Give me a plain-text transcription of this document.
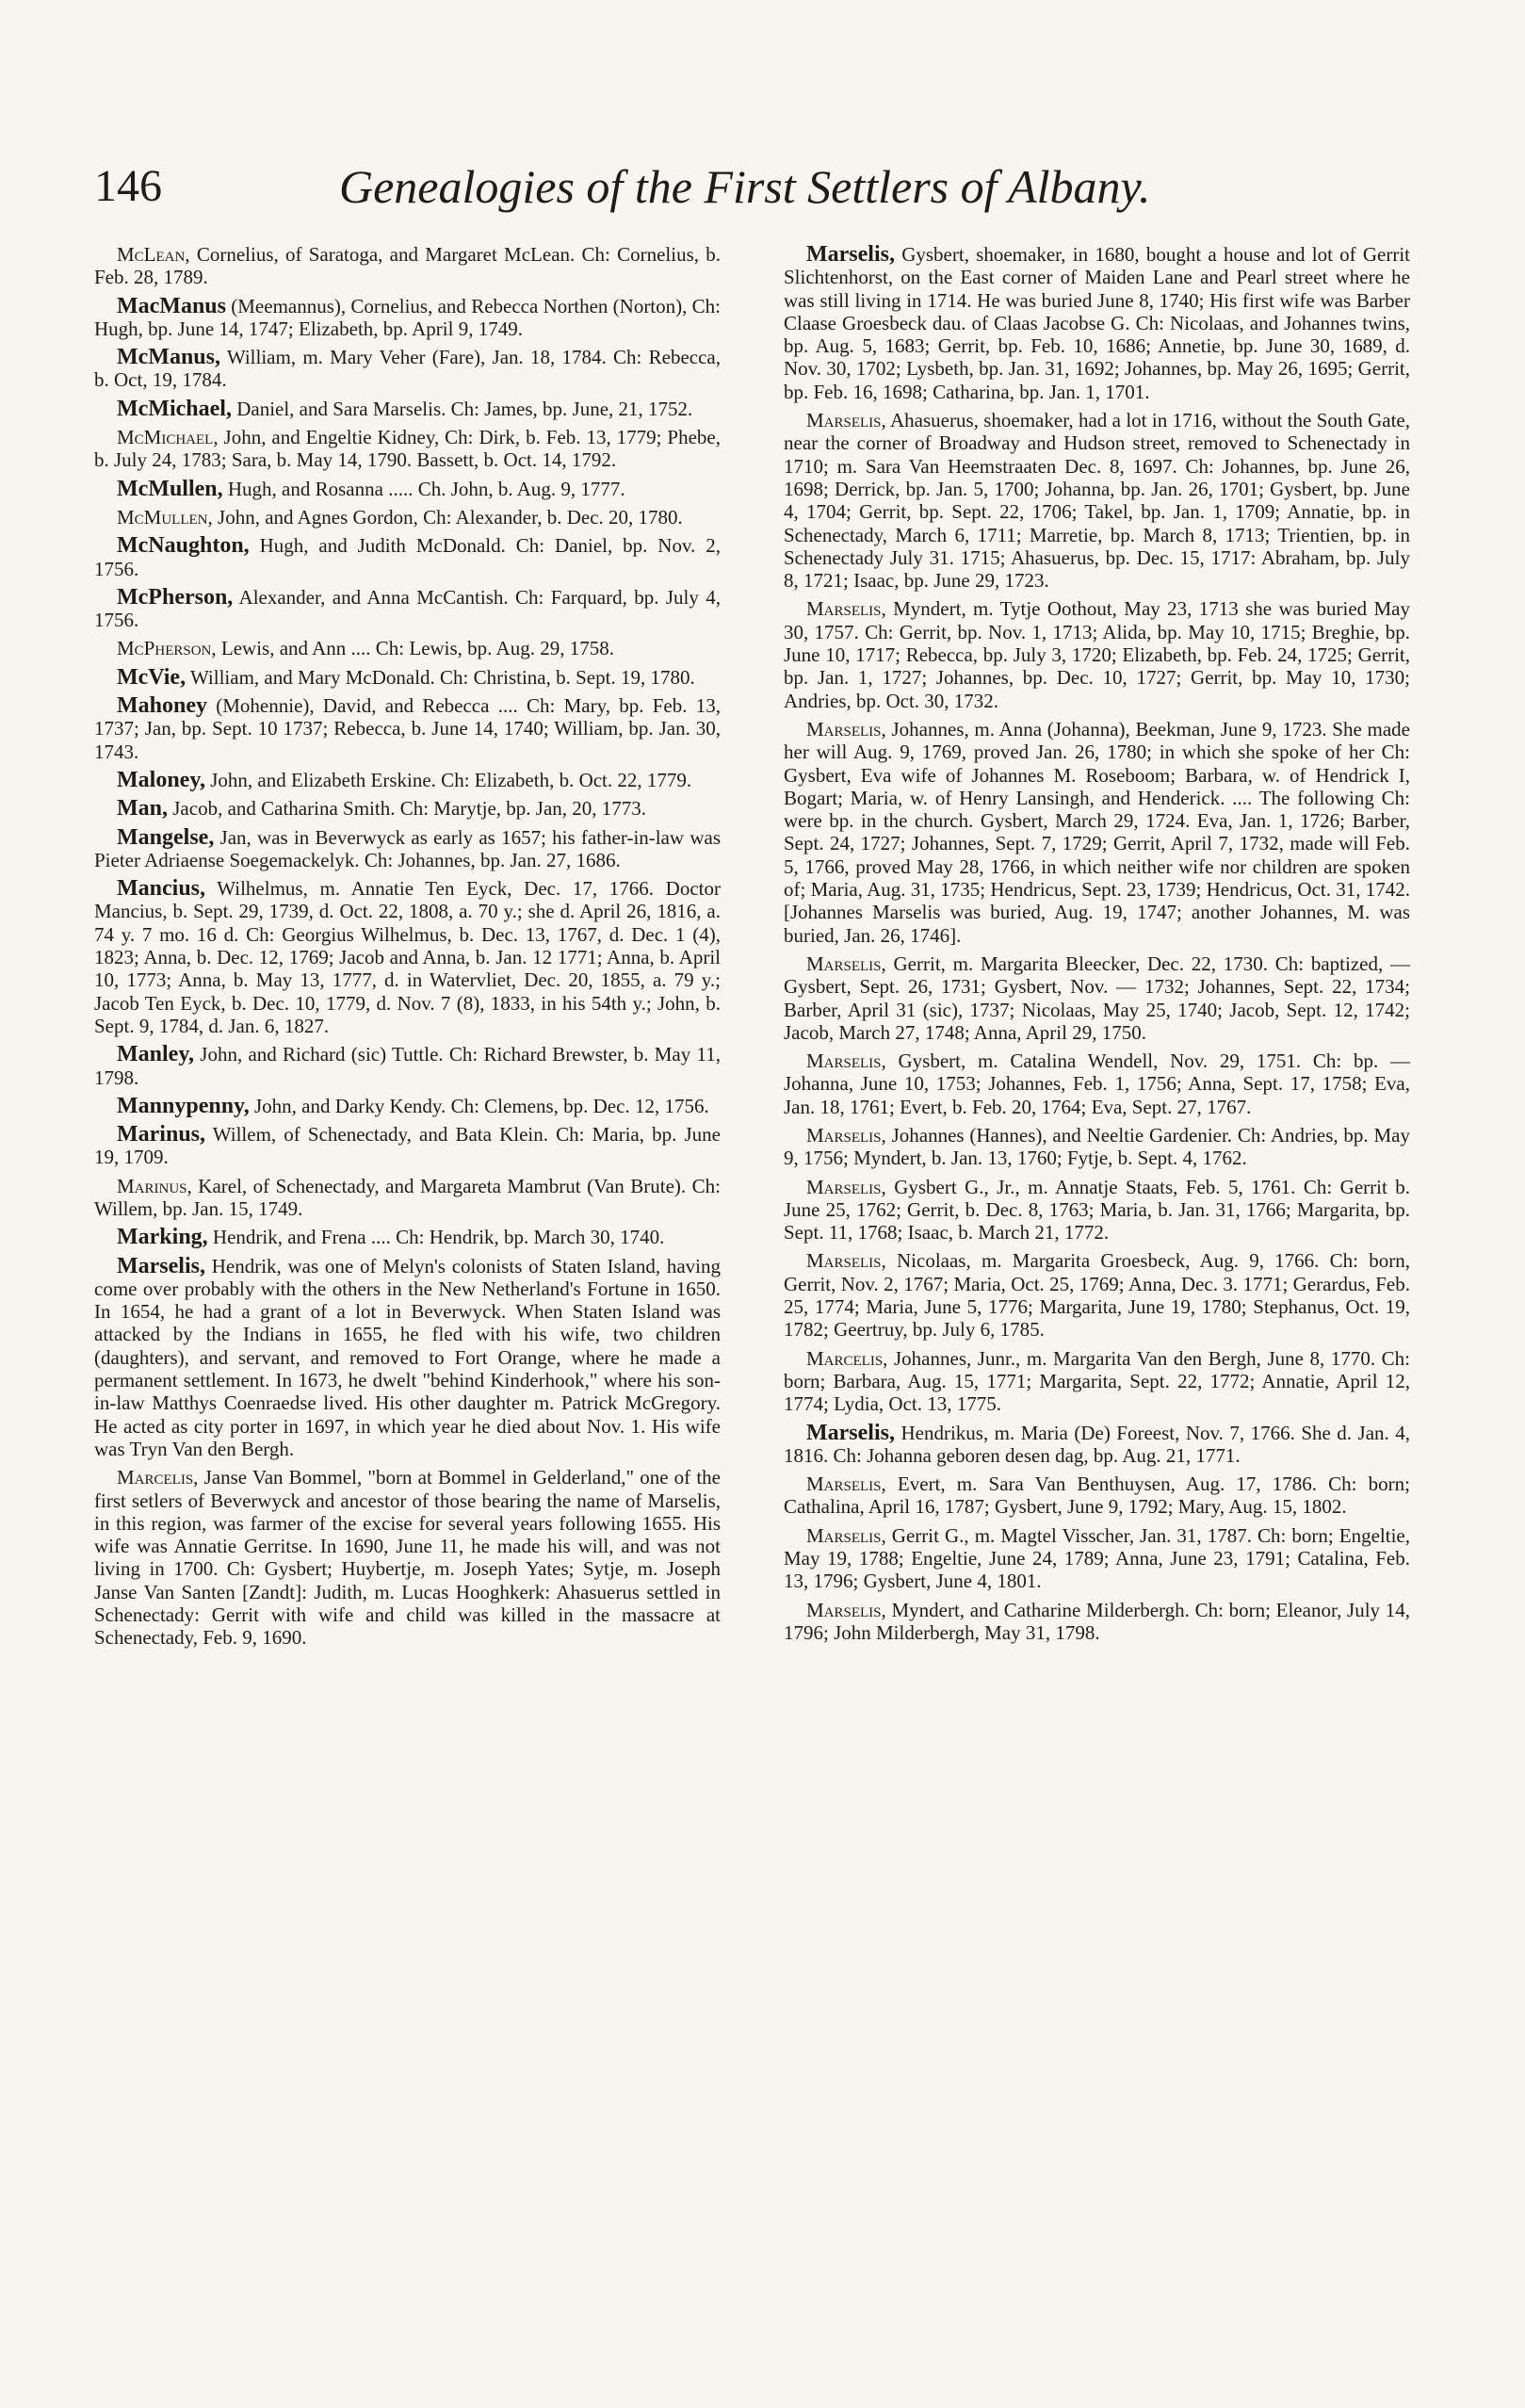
146	Genealogies of the First Settlers of Albany.

McLean, Cornelius, of Saratoga, and Margaret McLean. Ch: Cornelius, b. Feb. 28, 1789.

MacManus (Meemannus), Cornelius, and Rebecca Northen (Norton), Ch: Hugh, bp. June 14, 1747; Elizabeth, bp. April 9, 1749.

McManus, William, m. Mary Veher (Fare), Jan. 18, 1784. Ch: Rebecca, b. Oct, 19, 1784.

McMichael, Daniel, and Sara Marselis. Ch: James, bp. June, 21, 1752.

McMichael, John, and Engeltie Kidney, Ch: Dirk, b. Feb. 13, 1779; Phebe, b. July 24, 1783; Sara, b. May 14, 1790. Bassett, b. Oct. 14, 1792.

McMullen, Hugh, and Rosanna ..... Ch. John, b. Aug. 9, 1777.

McMullen, John, and Agnes Gordon, Ch: Alexander, b. Dec. 20, 1780.

McNaughton, Hugh, and Judith McDonald. Ch: Daniel, bp. Nov. 2, 1756.

McPherson, Alexander, and Anna McCantish. Ch: Farquard, bp. July 4, 1756.

McPherson, Lewis, and Ann .... Ch: Lewis, bp. Aug. 29, 1758.

McVie, William, and Mary McDonald. Ch: Christina, b. Sept. 19, 1780.

Mahoney (Mohennie), David, and Rebecca .... Ch: Mary, bp. Feb. 13, 1737; Jan, bp. Sept. 10 1737; Rebecca, b. June 14, 1740; William, bp. Jan. 30, 1743.

Maloney, John, and Elizabeth Erskine. Ch: Elizabeth, b. Oct. 22, 1779.

Man, Jacob, and Catharina Smith. Ch: Marytje, bp. Jan, 20, 1773.

Mangelse, Jan, was in Beverwyck as early as 1657; his father-in-law was Pieter Adriaense Soegemackelyk. Ch: Johannes, bp. Jan. 27, 1686.

Mancius, Wilhelmus, m. Annatie Ten Eyck, Dec. 17, 1766. Doctor Mancius, b. Sept. 29, 1739, d. Oct. 22, 1808, a. 70 y.; she d. April 26, 1816, a. 74 y. 7 mo. 16 d. Ch: Georgius Wilhelmus, b. Dec. 13, 1767, d. Dec. 1 (4), 1823; Anna, b. Dec. 12, 1769; Jacob and Anna, b. Jan. 12 1771; Anna, b. April 10, 1773; Anna, b. May 13, 1777, d. in Watervliet, Dec. 20, 1855, a. 79 y.; Jacob Ten Eyck, b. Dec. 10, 1779, d. Nov. 7 (8), 1833, in his 54th y.; John, b. Sept. 9, 1784, d. Jan. 6, 1827.

Manley, John, and Richard (sic) Tuttle. Ch: Richard Brewster, b. May 11, 1798.

Mannypenny, John, and Darky Kendy. Ch: Clemens, bp. Dec. 12, 1756.

Marinus, Willem, of Schenectady, and Bata Klein. Ch: Maria, bp. June 19, 1709.

Marinus, Karel, of Schenectady, and Margareta Mambrut (Van Brute). Ch: Willem, bp. Jan. 15, 1749.

Marking, Hendrik, and Frena .... Ch: Hendrik, bp. March 30, 1740.

Marselis, Hendrik, was one of Melyn's colonists of Staten Island, having come over probably with the others in the New Netherland's Fortune in 1650. In 1654, he had a grant of a lot in Beverwyck. When Staten Island was attacked by the Indians in 1655, he fled with his wife, two children (daughters), and servant, and removed to Fort Orange, where he made a permanent settlement. In 1673, he dwelt "behind Kinderhook," where his son-in-law Matthys Coenraedse lived. His other daughter m. Patrick McGregory. He acted as city porter in 1697, in which year he died about Nov. 1. His wife was Tryn Van den Bergh.

Marcelis, Janse Van Bommel, "born at Bommel in Gelderland," one of the first setlers of Beverwyck and ancestor of those bearing the name of Marselis, in this region, was farmer of the excise for several years following 1655. His wife was Annatie Gerritse. In 1690, June 11, he made his will, and was not living in 1700. Ch: Gysbert; Huybertje, m. Joseph Yates; Sytje, m. Joseph Janse Van Santen [Zandt]: Judith, m. Lucas Hooghkerk: Ahasuerus settled in Schenectady: Gerrit with wife and child was killed in the massacre at Schenectady, Feb. 9, 1690.

Marselis, Gysbert, shoemaker, in 1680, bought a house and lot of Gerrit Slichtenhorst, on the East corner of Maiden Lane and Pearl street where he was still living in 1714. He was buried June 8, 1740; His first wife was Barber Claase Groesbeck dau. of Claas Jacobse G. Ch: Nicolaas, and Johannes twins, bp. Aug. 5, 1683; Gerrit, bp. Feb. 10, 1686; Annetie, bp. June 30, 1689, d. Nov. 30, 1702; Lysbeth, bp. Jan. 31, 1692; Johannes, bp. May 26, 1695; Gerrit, bp. Feb. 16, 1698; Catharina, bp. Jan. 1, 1701.

Marselis, Ahasuerus, shoemaker, had a lot in 1716, without the South Gate, near the corner of Broadway and Hudson street, removed to Schenectady in 1710; m. Sara Van Heemstraaten Dec. 8, 1697. Ch: Johannes, bp. June 26, 1698; Derrick, bp. Jan. 5, 1700; Johanna, bp. Jan. 26, 1701; Gysbert, bp. June 4, 1704; Gerrit, bp. Sept. 22, 1706; Takel, bp. Jan. 1, 1709; Annatie, bp. in Schenectady, March 6, 1711; Marretie, bp. March 8, 1713; Trientien, bp. in Schenectady July 31. 1715; Ahasuerus, bp. Dec. 15, 1717: Abraham, bp. July 8, 1721; Isaac, bp. June 29, 1723.

Marselis, Myndert, m. Tytje Oothout, May 23, 1713 she was buried May 30, 1757. Ch: Gerrit, bp. Nov. 1, 1713; Alida, bp. May 10, 1715; Breghie, bp. June 10, 1717; Rebecca, bp. July 3, 1720; Elizabeth, bp. Feb. 24, 1725; Gerrit, bp. Jan. 1, 1727; Johannes, bp. Dec. 10, 1727; Gerrit, bp. May 10, 1730; Andries, bp. Oct. 30, 1732.

Marselis, Johannes, m. Anna (Johanna), Beekman, June 9, 1723. She made her will Aug. 9, 1769, proved Jan. 26, 1780; in which she spoke of her Ch: Gysbert, Eva wife of Johannes M. Roseboom; Barbara, w. of Hendrick I, Bogart; Maria, w. of Henry Lansingh, and Henderick. .... The following Ch: were bp. in the church. Gysbert, March 29, 1724. Eva, Jan. 1, 1726; Barber, Sept. 24, 1727; Johannes, Sept. 7, 1729; Gerrit, April 7, 1732, made will Feb. 5, 1766, proved May 28, 1766, in which neither wife nor children are spoken of; Maria, Aug. 31, 1735; Hendricus, Sept. 23, 1739; Hendricus, Oct. 31, 1742. [Johannes Marselis was buried, Aug. 19, 1747; another Johannes, M. was buried, Jan. 26, 1746].

Marselis, Gerrit, m. Margarita Bleecker, Dec. 22, 1730. Ch: baptized, — Gysbert, Sept. 26, 1731; Gysbert, Nov. — 1732; Johannes, Sept. 22, 1734; Barber, April 31 (sic), 1737; Nicolaas, May 25, 1740; Jacob, Sept. 12, 1742; Jacob, March 27, 1748; Anna, April 29, 1750.

Marselis, Gysbert, m. Catalina Wendell, Nov. 29, 1751. Ch: bp. — Johanna, June 10, 1753; Johannes, Feb. 1, 1756; Anna, Sept. 17, 1758; Eva, Jan. 18, 1761; Evert, b. Feb. 20, 1764; Eva, Sept. 27, 1767.

Marselis, Johannes (Hannes), and Neeltie Gardenier. Ch: Andries, bp. May 9, 1756; Myndert, b. Jan. 13, 1760; Fytje, b. Sept. 4, 1762.

Marselis, Gysbert G., Jr., m. Annatje Staats, Feb. 5, 1761. Ch: Gerrit b. June 25, 1762; Gerrit, b. Dec. 8, 1763; Maria, b. Jan. 31, 1766; Margarita, bp. Sept. 11, 1768; Isaac, b. March 21, 1772.

Marselis, Nicolaas, m. Margarita Groesbeck, Aug. 9, 1766. Ch: born, Gerrit, Nov. 2, 1767; Maria, Oct. 25, 1769; Anna, Dec. 3. 1771; Gerardus, Feb. 25, 1774; Maria, June 5, 1776; Margarita, June 19, 1780; Stephanus, Oct. 19, 1782; Geertruy, bp. July 6, 1785.

Marcelis, Johannes, Junr., m. Margarita Van den Bergh, June 8, 1770. Ch: born; Barbara, Aug. 15, 1771; Margarita, Sept. 22, 1772; Annatie, April 12, 1774; Lydia, Oct. 13, 1775.

Marselis, Hendrikus, m. Maria (De) Foreest, Nov. 7, 1766. She d. Jan. 4, 1816. Ch: Johanna geboren desen dag, bp. Aug. 21, 1771.

Marselis, Evert, m. Sara Van Benthuysen, Aug. 17, 1786. Ch: born; Cathalina, April 16, 1787; Gysbert, June 9, 1792; Mary, Aug. 15, 1802.

Marselis, Gerrit G., m. Magtel Visscher, Jan. 31, 1787. Ch: born; Engeltie, May 19, 1788; Engeltie, June 24, 1789; Anna, June 23, 1791; Catalina, Feb. 13, 1796; Gysbert, June 4, 1801.

Marselis, Myndert, and Catharine Milderbergh. Ch: born; Eleanor, July 14, 1796; John Milderbergh, May 31, 1798.
